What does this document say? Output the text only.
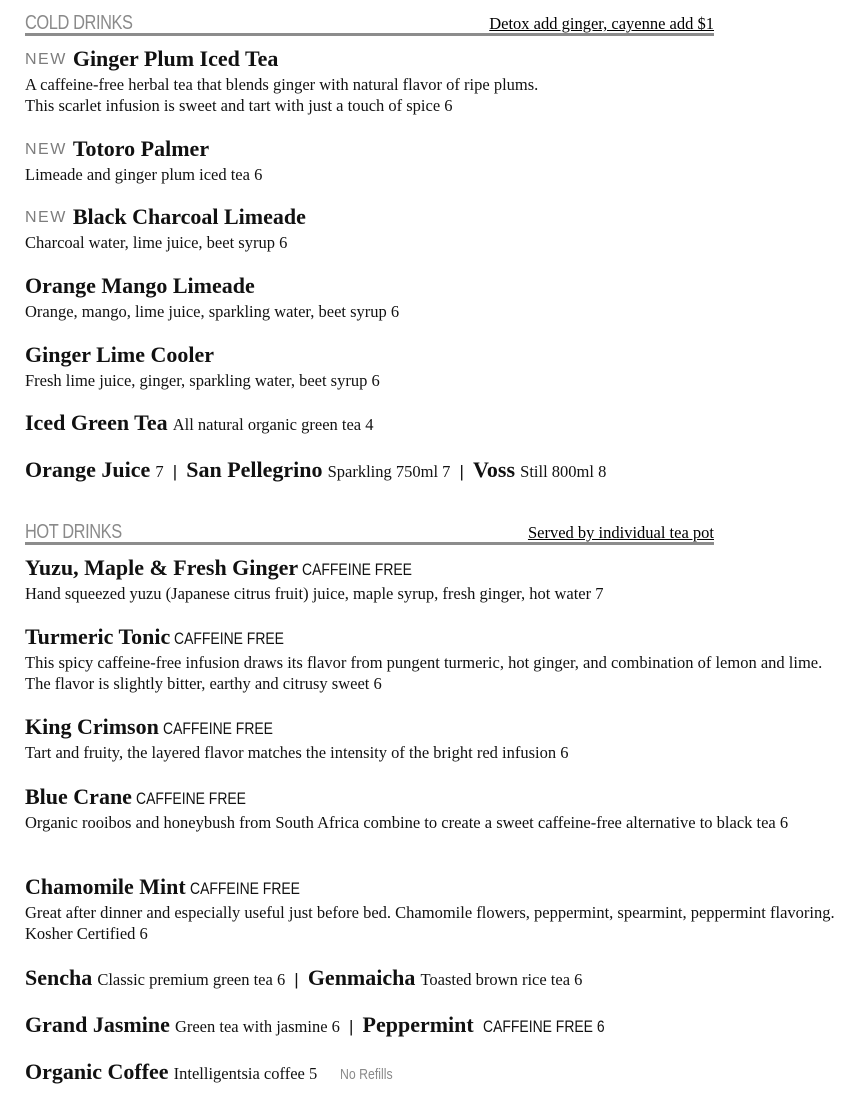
COLD DRINKS	Detox add ginger, cayenne add $1
NEW Ginger Plum Iced Tea
A caffeine-free herbal tea that blends ginger with natural flavor of ripe plums.
This scarlet infusion is sweet and tart with just a touch of spice 6
NEW Totoro Palmer
Limeade and ginger plum iced tea 6
NEW Black Charcoal Limeade
Charcoal water, lime juice, beet syrup 6
Orange Mango Limeade
Orange, mango, lime juice, sparkling water, beet syrup 6
Ginger Lime Cooler
Fresh lime juice, ginger, sparkling water, beet syrup 6
Iced Green Tea All natural organic green tea 4
Orange Juice 7 | San Pellegrino Sparkling 750ml 7 | Voss Still 800ml 8
HOT DRINKS	Served by individual tea pot
Yuzu, Maple & Fresh Ginger CAFFEINE FREE
Hand squeezed yuzu (Japanese citrus fruit) juice, maple syrup, fresh ginger, hot water 7
Turmeric Tonic CAFFEINE FREE
This spicy caffeine-free infusion draws its flavor from pungent turmeric, hot ginger, and combination of lemon and lime. The flavor is slightly bitter, earthy and citrusy sweet 6
King Crimson CAFFEINE FREE
Tart and fruity, the layered flavor matches the intensity of the bright red infusion 6
Blue Crane CAFFEINE FREE
Organic rooibos and honeybush from South Africa combine to create a sweet caffeine-free alternative to black tea 6
Chamomile Mint CAFFEINE FREE
Great after dinner and especially useful just before bed. Chamomile flowers, peppermint, spearmint, peppermint flavoring. Kosher Certified 6
Sencha Classic premium green tea 6 | Genmaicha Toasted brown rice tea 6
Grand Jasmine Green tea with jasmine 6 | Peppermint CAFFEINE FREE 6
Organic Coffee Intelligentsia coffee 5 No Refills
